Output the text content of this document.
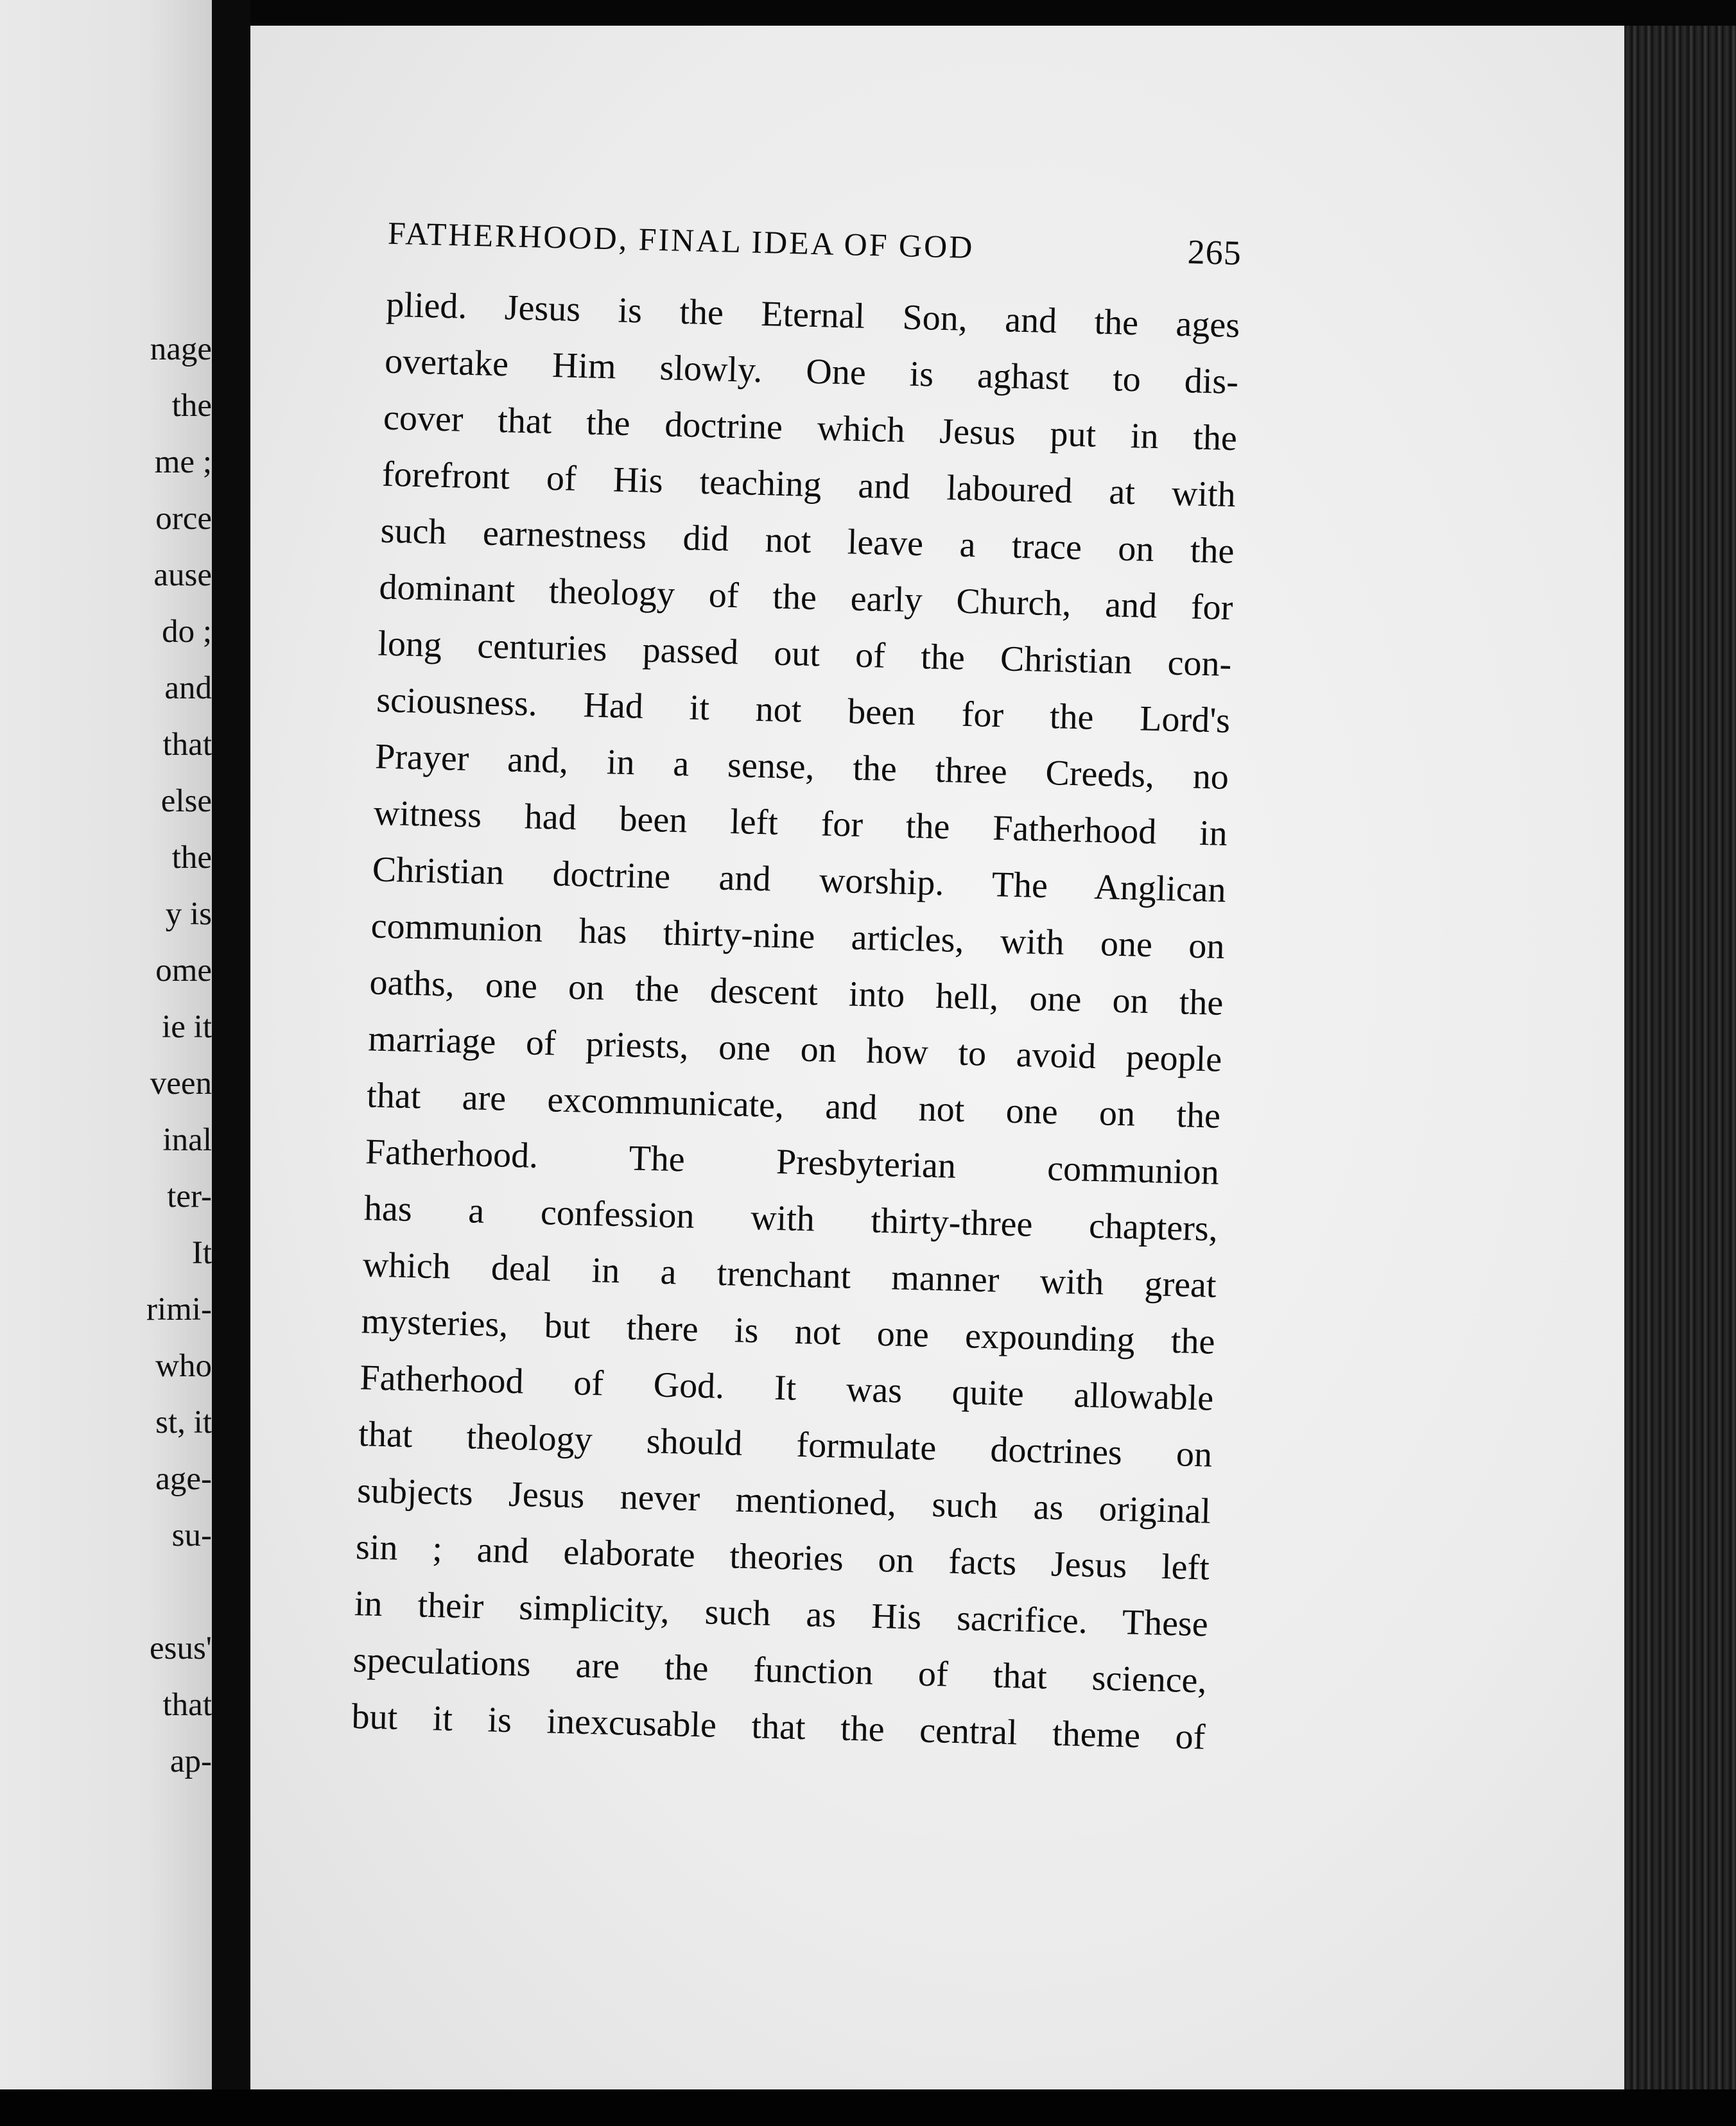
nage
the
me ;
orce
ause
do ;
and
that
else
the
y is
ome
ie it
veen
inal
ter-
It
rimi-
who
st, it
age-
su-
esus'
that
ap-
FATHERHOOD, FINAL IDEA OF GOD	265
plied. Jesus is the Eternal Son, and the ages
overtake Him slowly. One is aghast to dis-
cover that the doctrine which Jesus put in the
forefront of His teaching and laboured at with
such earnestness did not leave a trace on the
dominant theology of the early Church, and for
long centuries passed out of the Christian con-
sciousness. Had it not been for the Lord's
Prayer and, in a sense, the three Creeds, no
witness had been left for the Fatherhood in
Christian doctrine and worship. The Anglican
communion has thirty-nine articles, with one on
oaths, one on the descent into hell, one on the
marriage of priests, one on how to avoid people
that are excommunicate, and not one on the
Fatherhood. The Presbyterian communion
has a confession with thirty-three chapters,
which deal in a trenchant manner with great
mysteries, but there is not one expounding the
Fatherhood of God. It was quite allowable
that theology should formulate doctrines on
subjects Jesus never mentioned, such as original
sin ; and elaborate theories on facts Jesus left
in their simplicity, such as His sacrifice. These
speculations are the function of that science,
but it is inexcusable that the central theme of
